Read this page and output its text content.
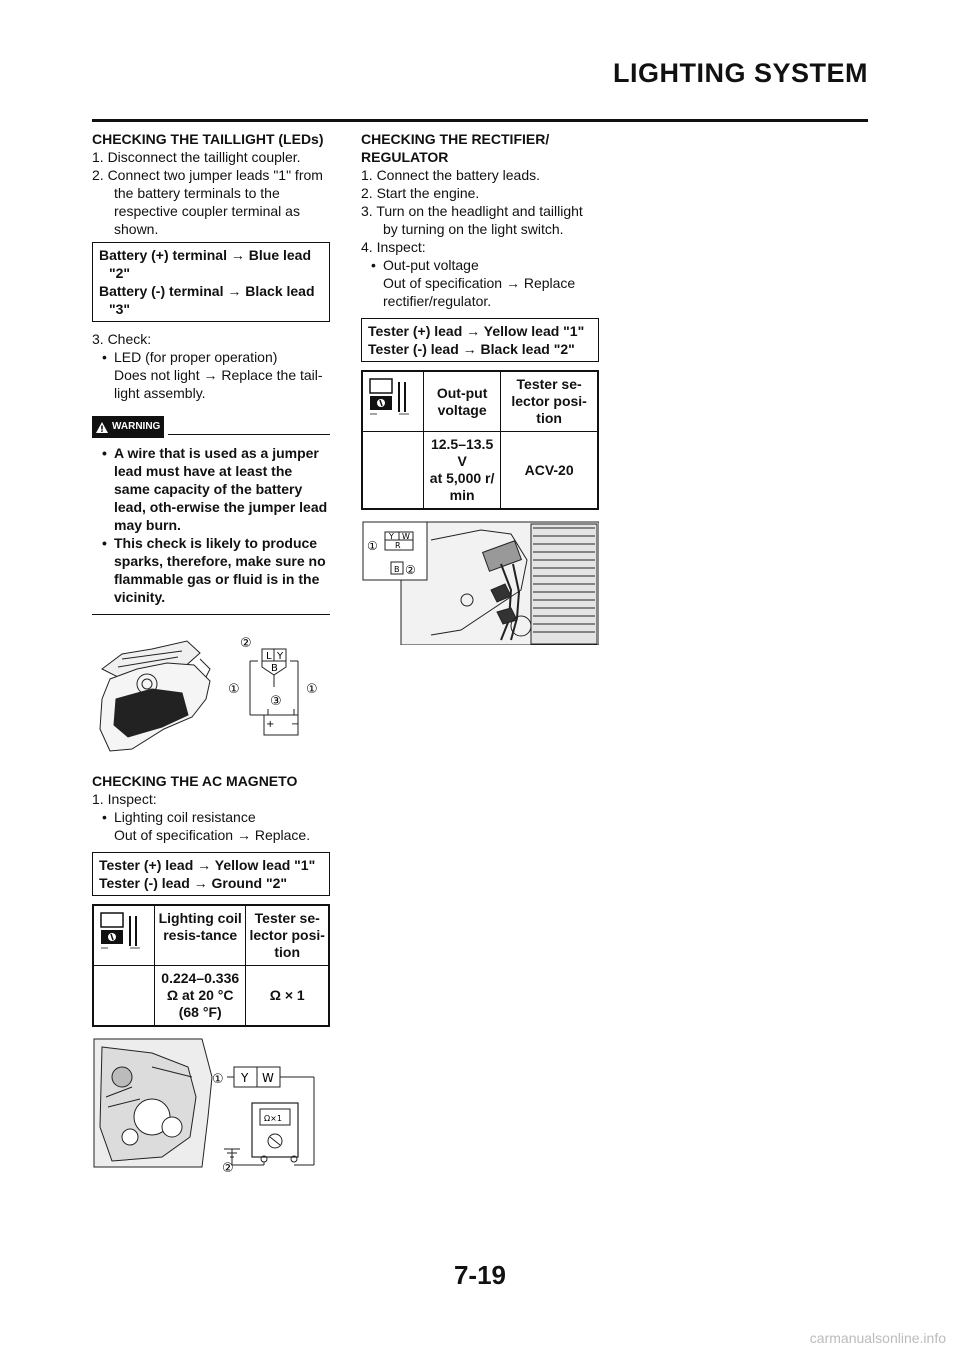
LIGHTING SYSTEM

CHECKING THE TAILLIGHT (LEDs)

1. Disconnect the taillight coupler.

2. Connect two jumper leads "1" from the battery terminals to the respective coupler terminal as shown.

Battery (+) terminal → Blue lead
"2"
Battery (-) terminal → Black lead
"3"

3. Check:

• LED (for proper operation)

Does not light → Replace the tail-light assembly.

WARNING

• A wire that is used as a jumper lead must have at least the same capacity of the battery lead, oth-erwise the jumper lead may burn.

• This check is likely to produce sparks, therefore, make sure no flammable gas or fluid is in the vicinity.

②
L Y
B
①	①
③
+ −

CHECKING THE AC MAGNETO

1. Inspect:

• Lighting coil resistance

Out of specification → Replace.

Tester (+) lead → Yellow lead "1"
Tester (-) lead → Ground "2"
	Lighting coil resis-tance	Tester se-lector posi-tion

	0.224–0.336
Ω at 20 °C
(68 °F)	Ω × 1
① Y W
Ω×1
②

CHECKING THE RECTIFIER/ REGULATOR

1. Connect the battery leads.

2. Start the engine.

3. Turn on the headlight and taillight by turning on the light switch.

4. Inspect:

• Out-put voltage

Out of specification → Replace rectifier/regulator.

Tester (+) lead → Yellow lead "1"
Tester (-) lead → Black lead "2"
	Out-put voltage	Tester se-lector posi-tion

	12.5–13.5 V
at 5,000 r/
min	ACV-20
Y W
R
①
B ②
7-19
carmanualsonline.info
